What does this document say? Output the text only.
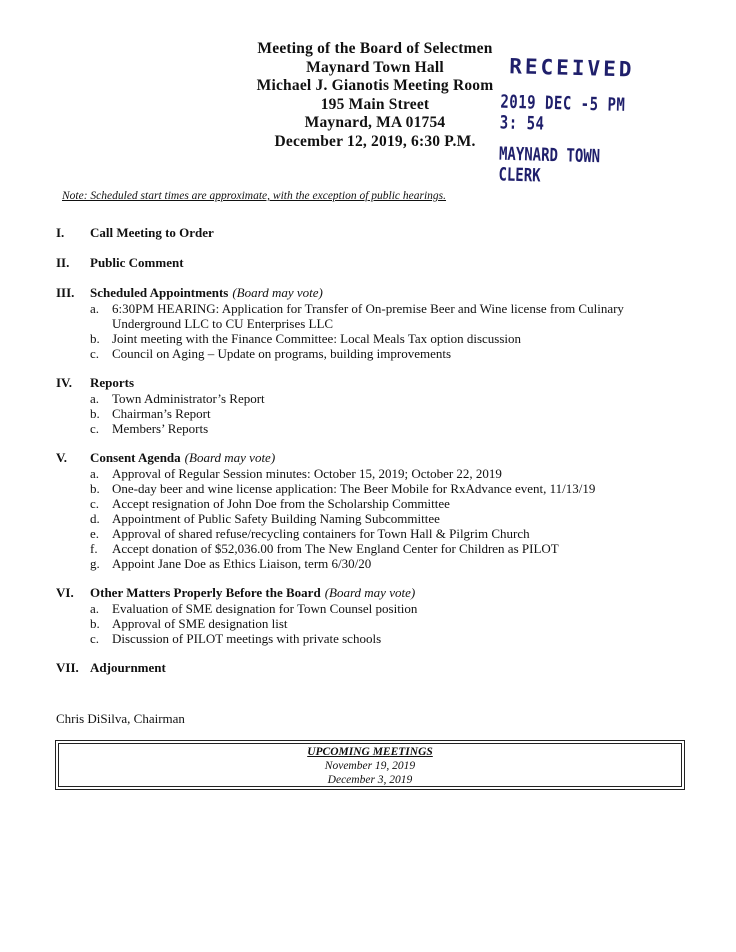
Meeting of the Board of Selectmen
Maynard Town Hall
Michael J. Gianotis Meeting Room
195 Main Street
Maynard, MA 01754
December 12, 2019, 6:30 P.M.
RECEIVED
2019 DEC -5 PM 3: 54
MAYNARD TOWN CLERK
Note: Scheduled start times are approximate, with the exception of public hearings.
I.	Call Meeting to Order
II.	Public Comment
III.	Scheduled Appointments (Board may vote)
a. 6:30PM HEARING: Application for Transfer of On-premise Beer and Wine license from Culinary Underground LLC to CU Enterprises LLC
b. Joint meeting with the Finance Committee: Local Meals Tax option discussion
c. Council on Aging – Update on programs, building improvements
IV.	Reports
a. Town Administrator’s Report
b. Chairman’s Report
c. Members’ Reports
V.	Consent Agenda (Board may vote)
a. Approval of Regular Session minutes: October 15, 2019; October 22, 2019
b. One-day beer and wine license application: The Beer Mobile for RxAdvance event, 11/13/19
c. Accept resignation of John Doe from the Scholarship Committee
d. Appointment of Public Safety Building Naming Subcommittee
e. Approval of shared refuse/recycling containers for Town Hall & Pilgrim Church
f.	Accept donation of $52,036.00 from The New England Center for Children as PILOT
g. Appoint Jane Doe as Ethics Liaison, term 6/30/20
VI.	Other Matters Properly Before the Board (Board may vote)
a. Evaluation of SME designation for Town Counsel position
b. Approval of SME designation list
c. Discussion of PILOT meetings with private schools
VII. Adjournment
Chris DiSilva, Chairman
UPCOMING MEETINGS
November 19, 2019
December 3, 2019
